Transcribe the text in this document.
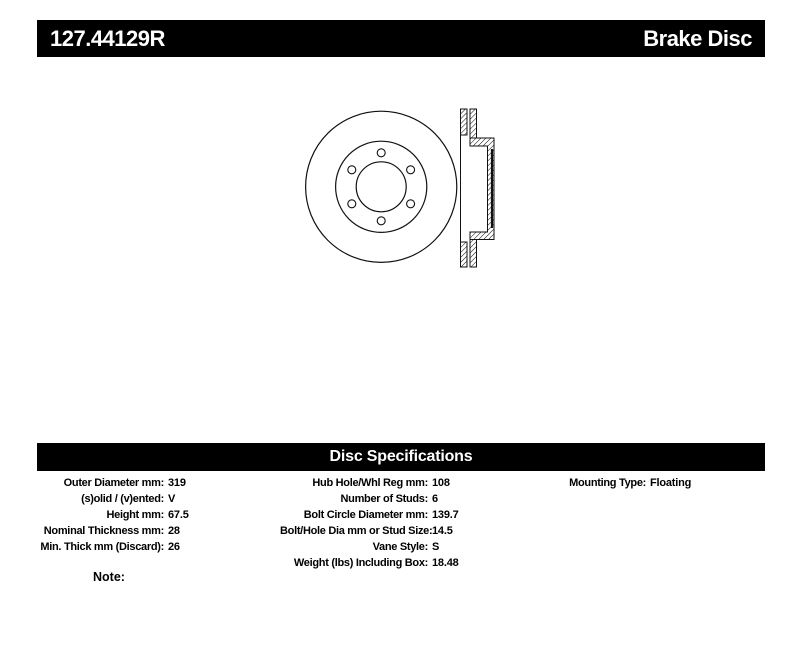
127.44129R	Brake Disc
Disc Specifications
Outer Diameter mm: 319
(s)olid / (v)ented: V
Height mm: 67.5
Nominal Thickness mm: 28
Min. Thick mm (Discard): 26
Hub Hole/Whl Reg mm: 108
Number of Studs: 6
Bolt Circle Diameter mm: 139.7
Bolt/Hole Dia mm or Stud Size: 14.5
Vane Style: S
Weight (lbs) Including Box: 18.48
Mounting Type: Floating
Note:
